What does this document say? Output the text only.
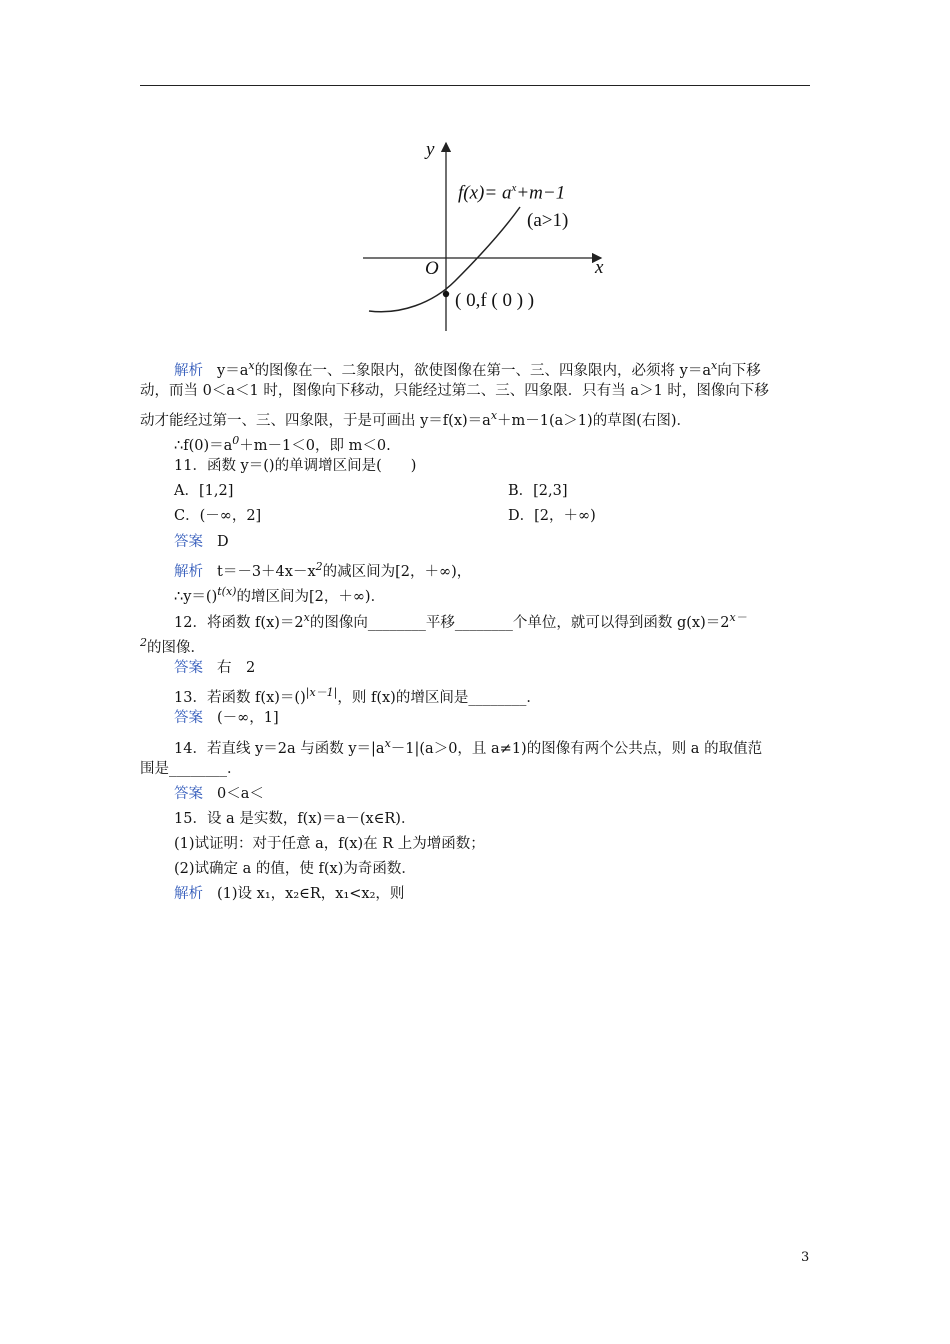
y
x
O
$f(x)= a^x+m-1$
(a>1)
( 0,f ( 0 ) )
解析 $y=a^x$的图像在一、二象限内，欲使图像在第一、三、四象限内，必须将 $y=a^x$向下移
动，而当 0＜a＜1 时，图像向下移动，只能经过第二、三、四象限．只有当 a＞1 时，图像向下移
动才能经过第一、三、四象限，于是可画出 $y=f(x)=a^x+m-1(a>1)$的草图(右图)．
$\therefore f(0)=a^0+m-1<0$，即 m＜0.
11．函数 y＝()的单调增区间是(　　)
A．[1,2]	B．[2,3]
C．(－∞，2]	D．[2，＋∞)
答案 D
解析 $t=-3+4x-x^2$的减区间为[2，＋∞)，
∴y＝()$^{t(x)}$的增区间为[2，＋∞)．
12．将函数 $f(x)=2^x$的图像向________平移________个单位，就可以得到函数 $g(x)=2^{x-}$
$^2$的图像．
答案 右　2
13．若函数 f(x)＝()$^{|x-1|}$，则 f(x)的增区间是________．
答案 (－∞，1]
14．若直线 y＝2a 与函数 $y=|a^x-1|(a>0$，且 a≠1)的图像有两个公共点，则 a 的取值范
围是________．
答案 0＜a＜
15．设 a 是实数，f(x)＝a－(x∈R)．
(1)试证明：对于任意 a，f(x)在 R 上为增函数；
(2)试确定 a 的值，使 f(x)为奇函数．
解析 (1)设 x₁，x₂∈R，x₁<x₂，则
3
